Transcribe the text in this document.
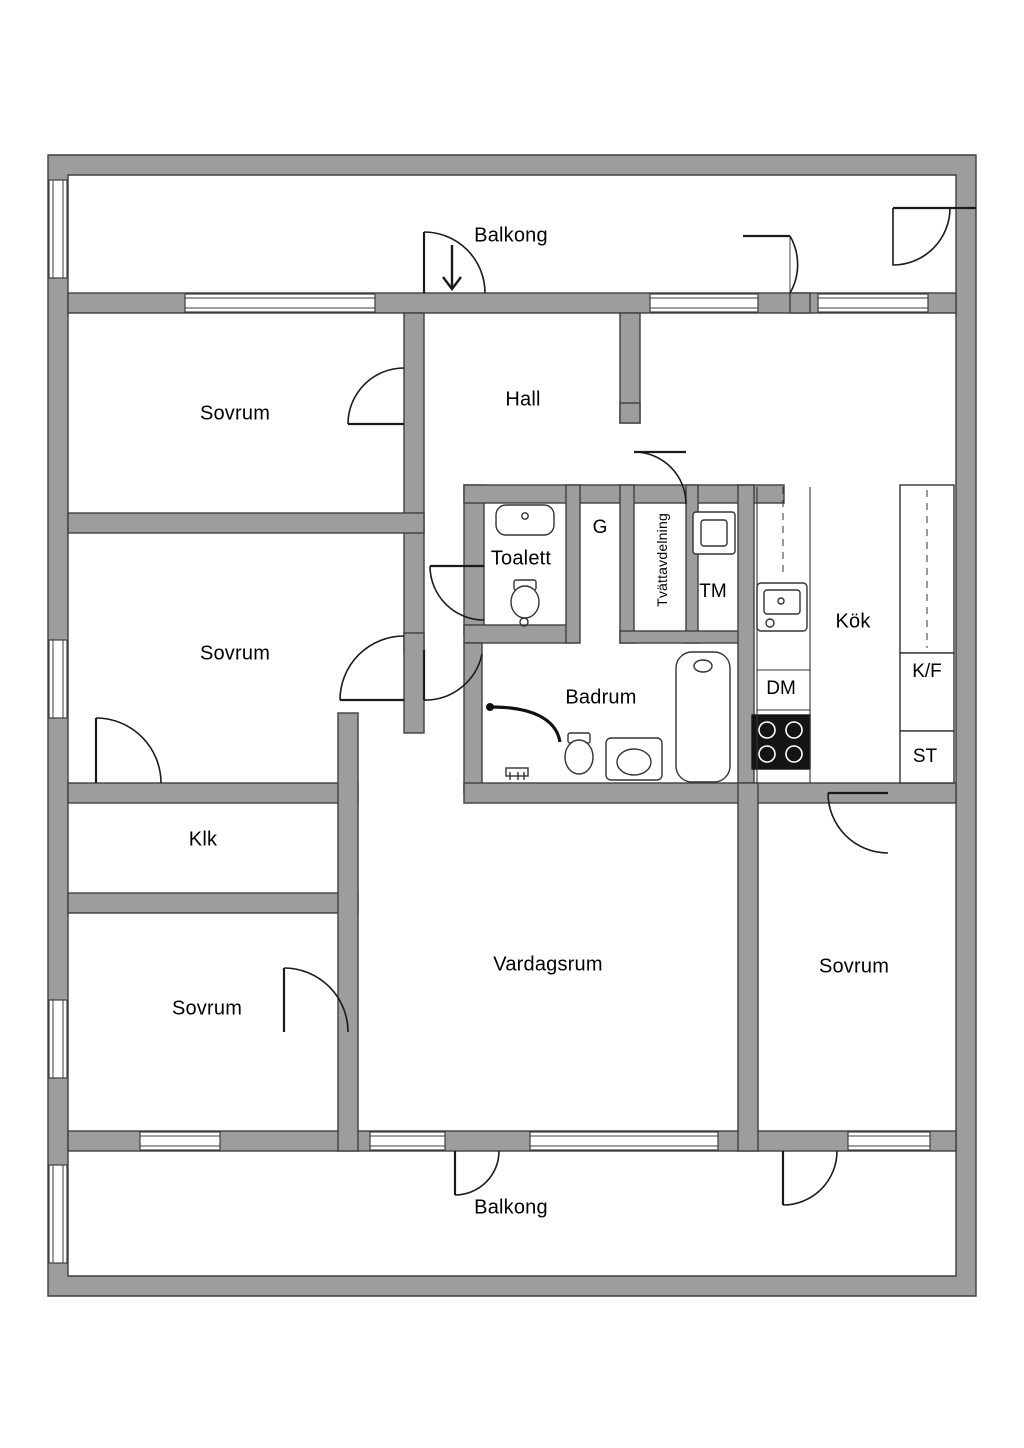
Balkong
Sovrum
Hall
Toalett
Sovrum
Tvättavdelning
Kök
Badrum
Klk
Vardagsrum
Sovrum
Sovrum
Balkong
G
TM
DM
K/F
ST
